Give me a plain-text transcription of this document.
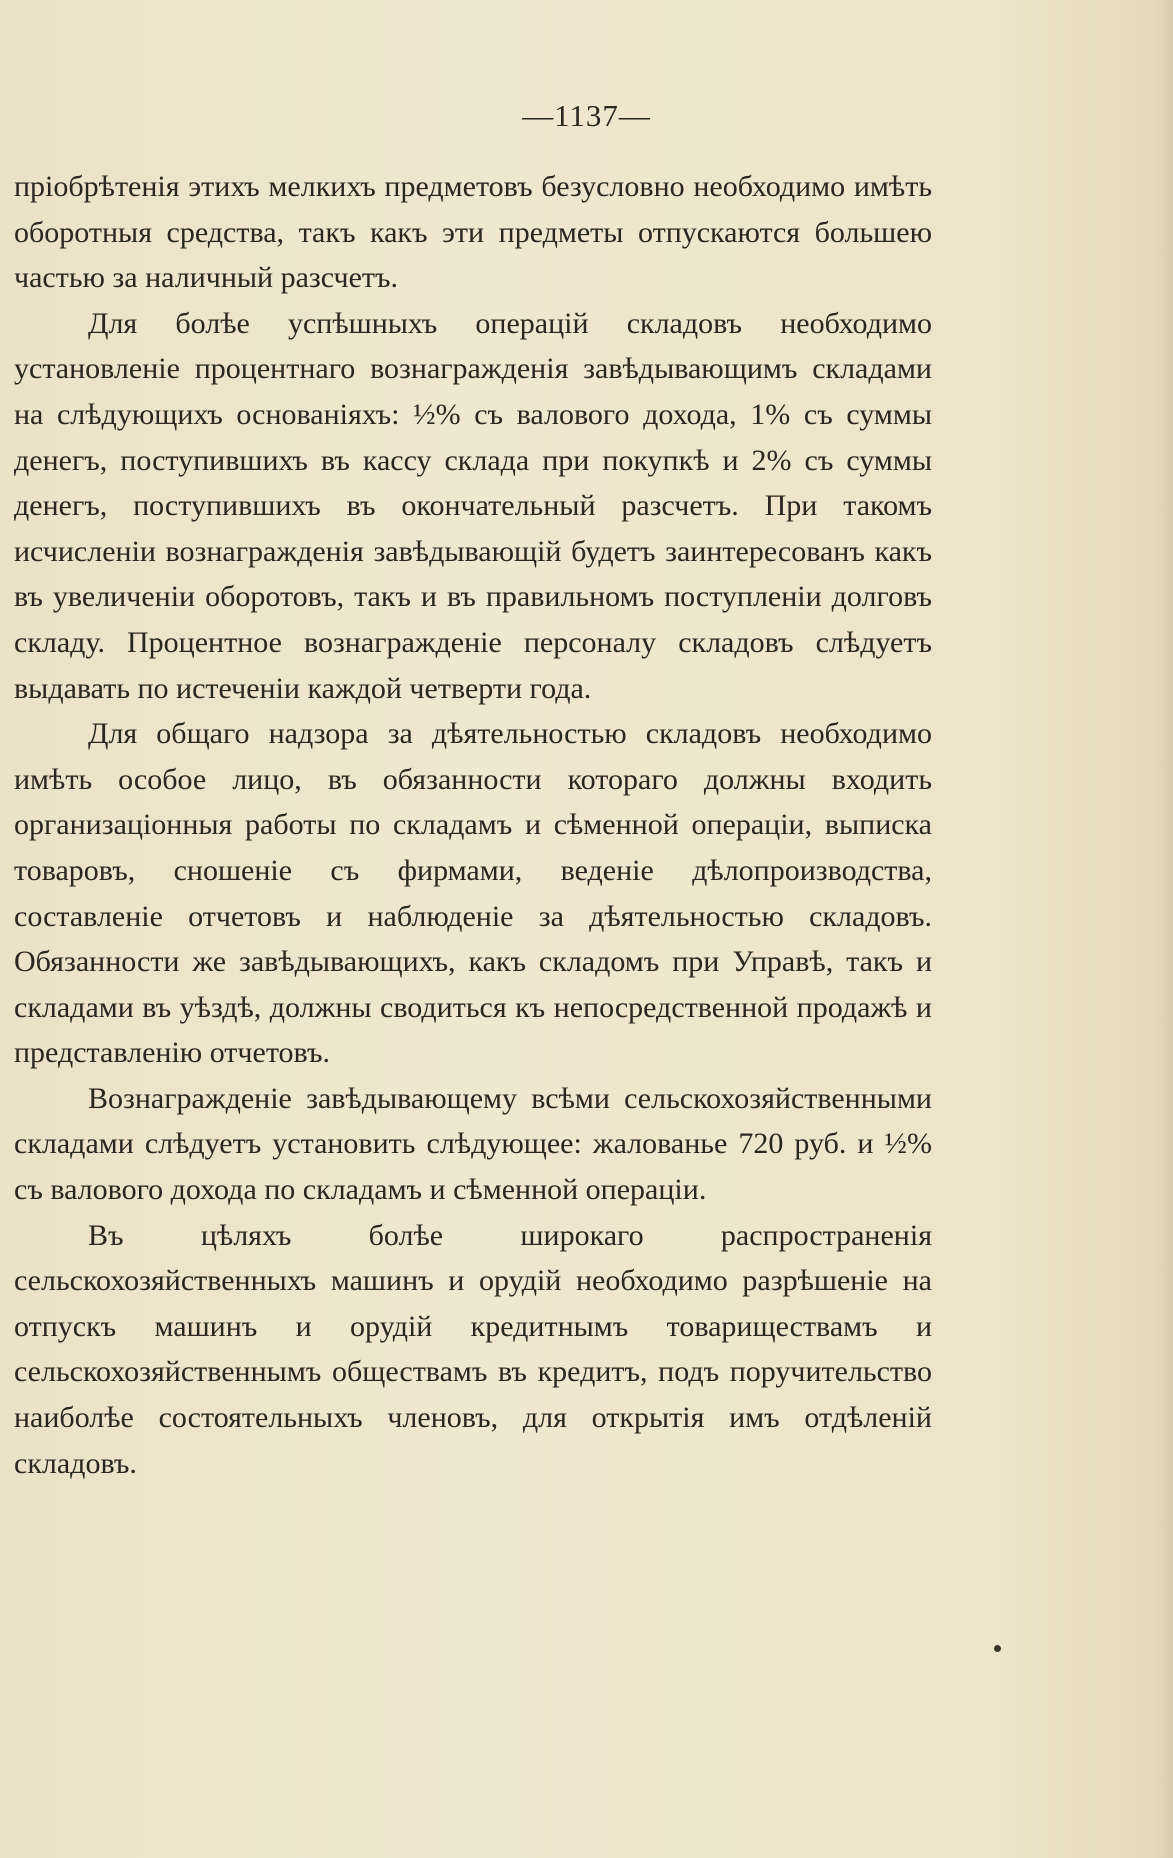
—1137—

пріобрѣтенія этихъ мелкихъ предметовъ безусловно необходимо имѣть оборотныя средства, такъ какъ эти предметы отпускаются большею частью за наличный разсчетъ.

Для болѣе успѣшныхъ операцій складовъ необходимо установленіе процентнаго вознагражденія завѣдывающимъ складами на слѣдующихъ основаніяхъ: ½% съ валового дохода, 1% съ суммы денегъ, поступившихъ въ кассу склада при покупкѣ и 2% съ суммы денегъ, поступившихъ въ окончательный разсчетъ. При такомъ исчисленіи вознагражденія завѣдывающій будетъ заинтересованъ какъ въ увеличеніи оборотовъ, такъ и въ правильномъ поступленіи долговъ складу. Процентное вознагражденіе персоналу складовъ слѣдуетъ выдавать по истеченіи каждой четверти года.

Для общаго надзора за дѣятельностью складовъ необходимо имѣть особое лицо, въ обязанности котораго должны входить организаціонныя работы по складамъ и сѣменной операціи, выписка товаровъ, сношеніе съ фирмами, веденіе дѣлопроизводства, составленіе отчетовъ и наблюденіе за дѣятельностью складовъ. Обязанности же завѣдывающихъ, какъ складомъ при Управѣ, такъ и складами въ уѣздѣ, должны сводиться къ непосредственной продажѣ и представленію отчетовъ.

Вознагражденіе завѣдывающему всѣми сельскохозяйственными складами слѣдуетъ установить слѣдующее: жалованье 720 руб. и ½% съ валового дохода по складамъ и сѣменной операціи.

Въ цѣляхъ болѣе широкаго распространенія сельскохозяйственныхъ машинъ и орудій необходимо разрѣшеніе на отпускъ машинъ и орудій кредитнымъ товариществамъ и сельскохозяйственнымъ обществамъ въ кредитъ, подъ поручительство наиболѣе состоятельныхъ членовъ, для открытія имъ отдѣленій складовъ.
